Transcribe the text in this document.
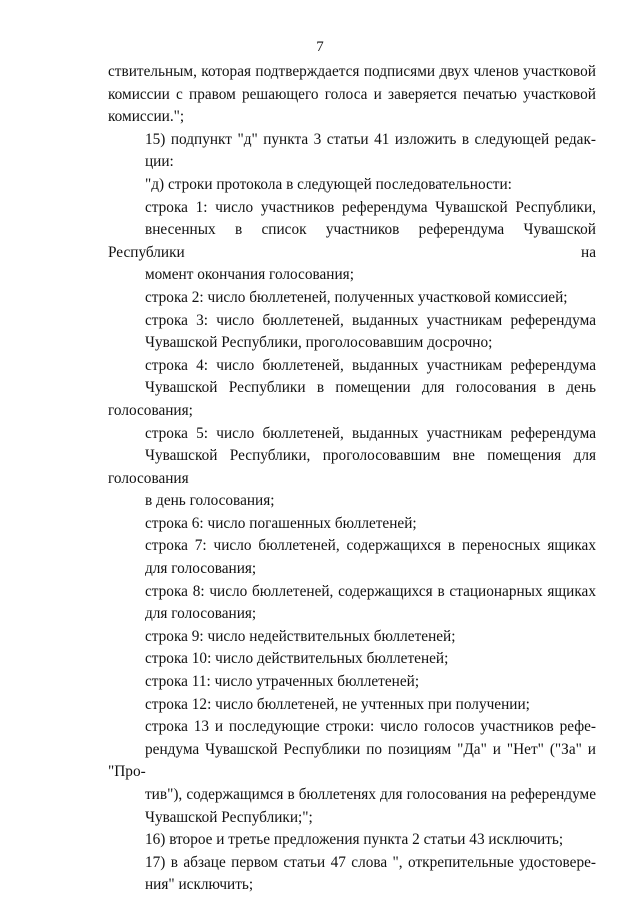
7

ствительным, которая подтверждается подписями двух членов участковой
комиссии с правом решающего голоса и заверяется печатью участковой
комиссии.";

15) подпункт "д" пункта 3 статьи 41 изложить в следующей редак-
ции:

"д) строки протокола в следующей последовательности:

строка 1: число участников референдума Чувашской Республики,
внесенных в список участников референдума Чувашской Республики на
момент окончания голосования;

строка 2: число бюллетеней, полученных участковой комиссией;

строка 3: число бюллетеней, выданных участникам референдума
Чувашской Республики, проголосовавшим досрочно;

строка 4: число бюллетеней, выданных участникам референдума
Чувашской Республики в помещении для голосования в день голосования;

строка 5: число бюллетеней, выданных участникам референдума
Чувашской Республики, проголосовавшим вне помещения для голосования
в день голосования;

строка 6: число погашенных бюллетеней;

строка 7: число бюллетеней, содержащихся в переносных ящиках
для голосования;

строка 8: число бюллетеней, содержащихся в стационарных ящиках
для голосования;

строка 9: число недействительных бюллетеней;

строка 10: число действительных бюллетеней;

строка 11: число утраченных бюллетеней;

строка 12: число бюллетеней, не учтенных при получении;

строка 13 и последующие строки: число голосов участников рефе-
рендума Чувашской Республики по позициям "Да" и "Нет" ("За" и "Про-
тив"), содержащимся в бюллетенях для голосования на референдуме
Чувашской Республики;";

16) второе и третье предложения пункта 2 статьи 43 исключить;

17) в абзаце первом статьи 47 слова ", открепительные удостовере-
ния" исключить;
